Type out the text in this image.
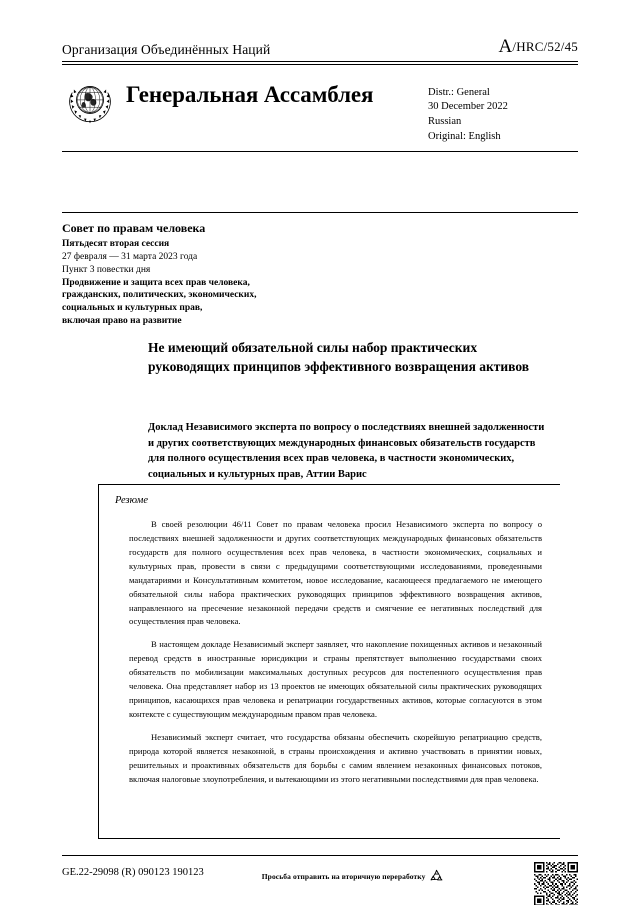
Организация Объединённых Наций	A/HRC/52/45
Генеральная Ассамблея	Distr.: General
30 December 2022
Russian
Original: English
Совет по правам человека
Пятьдесят вторая сессия
27 февраля — 31 марта 2023 года
Пункт 3 повестки дня
Продвижение и защита всех прав человека,
гражданских, политических, экономических,
социальных и культурных прав,
включая право на развитие
Не имеющий обязательной силы набор практических руководящих принципов эффективного возвращения активов
Доклад Независимого эксперта по вопросу о последствиях внешней задолженности и других соответствующих международных финансовых обязательств государств для полного осуществления всех прав человека, в частности экономических, социальных и культурных прав, Аттии Варис
Резюме

В своей резолюции 46/11 Совет по правам человека просил Независимого эксперта по вопросу о последствиях внешней задолженности и других соответствующих международных финансовых обязательств государств для полного осуществления всех прав человека, в частности экономических, социальных и культурных прав, провести в связи с предыдущими соответствующими исследованиями, проведенными мандатариями и Консультативным комитетом, новое исследование, касающееся предлагаемого не имеющего обязательной силы набора практических руководящих принципов эффективного возвращения активов, направленного на пресечение незаконной передачи средств и смягчение ее негативных последствий для осуществления прав человека.

В настоящем докладе Независимый эксперт заявляет, что накопление похищенных активов и незаконный перевод средств в иностранные юрисдикции и страны препятствует выполнению государствами своих обязательств по мобилизации максимальных доступных ресурсов для постепенного осуществления прав человека. Она представляет набор из 13 проектов не имеющих обязательной силы практических руководящих принципов, касающихся прав человека и репатриации государственных активов, которые согласуются в этом контексте с существующим международным правом прав человека.

Независимый эксперт считает, что государства обязаны обеспечить скорейшую репатриацию средств, природа которой является незаконной, в страны происхождения и активно участвовать в принятии новых, решительных и проактивных обязательств для борьбы с самим явлением незаконных финансовых потоков, включая налоговые злоупотребления, и вытекающими из этого негативными последствиями для прав человека.

GE.22-29098 (R) 090123 190123	Просьба отправить на вторичную переработку
